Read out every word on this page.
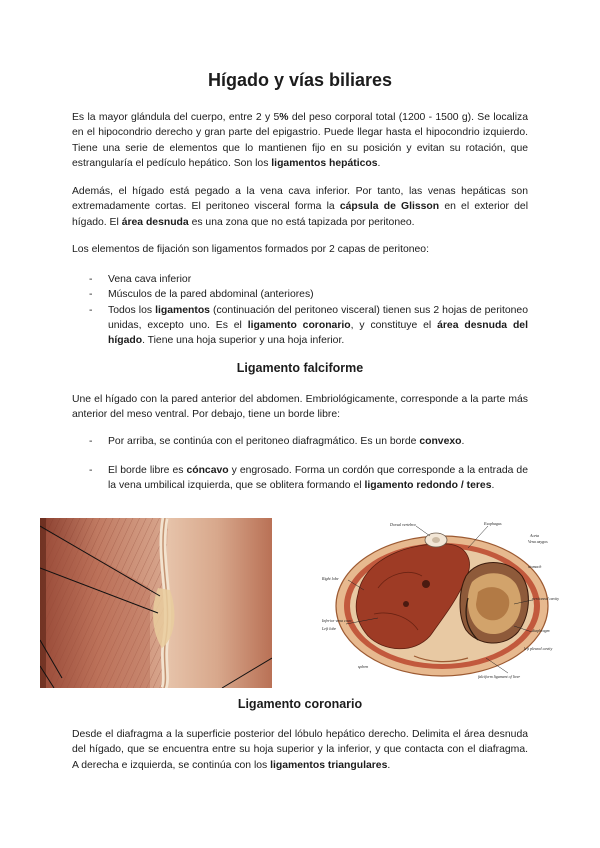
Hígado y vías biliares

Es la mayor glándula del cuerpo, entre 2 y 5% del peso corporal total (1200 - 1500 g). Se localiza en el hipocondrio derecho y gran parte del epigastrio. Puede llegar hasta el hipocondrio izquierdo. Tiene una serie de elementos que lo mantienen fijo en su posición y evitan su rotación, que estrangularía el pedículo hepático. Son los ligamentos hepáticos.

Además, el hígado está pegado a la vena cava inferior. Por tanto, las venas hepáticas son extremadamente cortas. El peritoneo visceral forma la cápsula de Glisson en el exterior del hígado. El área desnuda es una zona que no está tapizada por peritoneo.

Los elementos de fijación son ligamentos formados por 2 capas de peritoneo:

- Vena cava inferior
- Músculos de la pared abdominal (anteriores)
- Todos los ligamentos (continuación del peritoneo visceral) tienen sus 2 hojas de peritoneo unidas, excepto uno. Es el ligamento coronario, y constituye el área desnuda del hígado. Tiene una hoja superior y una hoja inferior.
Ligamento falciforme

Une el hígado con la pared anterior del abdomen. Embriológicamente, corresponde a la parte más anterior del meso ventral. Por debajo, tiene un borde libre:

- Por arriba, se continúa con el peritoneo diafragmático. Es un borde convexo.
- El borde libre es cóncavo y engrosado. Forma un cordón que corresponde a la entrada de la vena umbilical izquierda, que se oblitera formando el ligamento redondo / teres.
Dorsal vertebra	Esophagus
Aorta
Vena azygos
Right lobe
Inferior vena cava
Left lobe
peritoneal cavity
diaphragm
falciform ligament of liver
stomach
spleen
left pleural cavity
Ligamento coronario

Desde el diafragma a la superficie posterior del lóbulo hepático derecho. Delimita el área desnuda del hígado, que se encuentra entre su hoja superior y la inferior, y que contacta con el diafragma. A derecha e izquierda, se continúa con los ligamentos triangulares.
